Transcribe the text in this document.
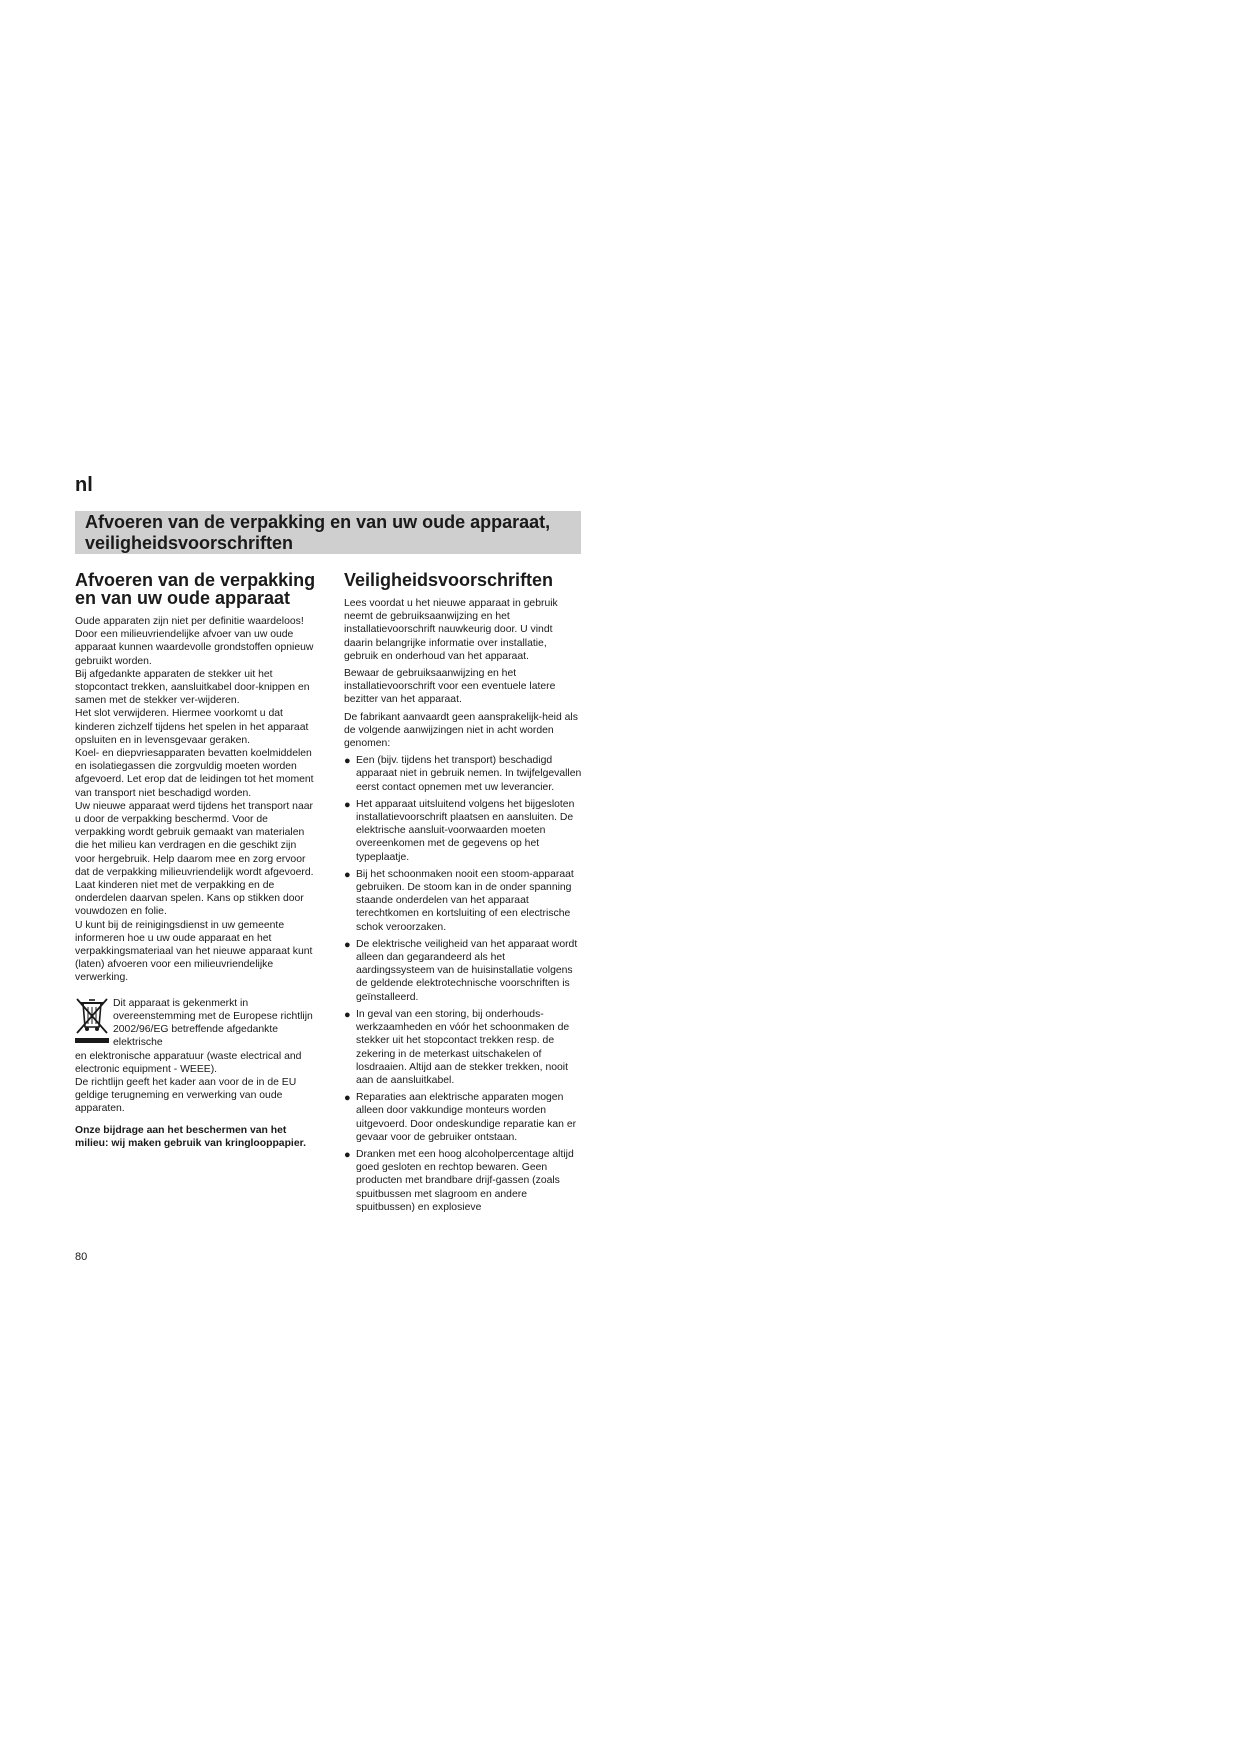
nl
Afvoeren van de verpakking en van uw oude apparaat,
veiligheidsvoorschriften
Afvoeren van de verpakking
en van uw oude apparaat

Oude apparaten zijn niet per definitie waardeloos! Door een milieuvriendelijke afvoer van uw oude apparaat kunnen waardevolle grondstoffen opnieuw gebruikt worden.

Bij afgedankte apparaten de stekker uit het stopcontact trekken, aansluitkabel door-knippen en samen met de stekker ver-wijderen.

Het slot verwijderen. Hiermee voorkomt u dat kinderen zichzelf tijdens het spelen in het apparaat opsluiten en in levensgevaar geraken.

Koel- en diepvriesapparaten bevatten koelmiddelen en isolatiegassen die zorgvuldig moeten worden afgevoerd. Let erop dat de leidingen tot het moment van transport niet beschadigd worden.

Uw nieuwe apparaat werd tijdens het transport naar u door de verpakking beschermd. Voor de verpakking wordt gebruik gemaakt van materialen die het milieu kan verdragen en die geschikt zijn voor hergebruik. Help daarom mee en zorg ervoor dat de verpakking milieuvriendelijk wordt afgevoerd.

Laat kinderen niet met de verpakking en de onderdelen daarvan spelen. Kans op stikken door vouwdozen en folie.

U kunt bij de reinigingsdienst in uw gemeente informeren hoe u uw oude apparaat en het verpakkingsmateriaal van het nieuwe apparaat kunt (laten) afvoeren voor een milieuvriendelijke verwerking.

Dit apparaat is gekenmerkt in overeenstemming met de Europese richtlijn 2002/96/EG betreffende afgedankte elektrische

en elektronische apparatuur (waste electrical and electronic equipment - WEEE).

De richtlijn geeft het kader aan voor de in de EU geldige terugneming en verwerking van oude apparaten.

Onze bijdrage aan het beschermen van het milieu: wij maken gebruik van kringlooppapier.

Veiligheidsvoorschriften

Lees voordat u het nieuwe apparaat in gebruik neemt de gebruiksaanwijzing en het installatievoorschrift nauwkeurig door. U vindt daarin belangrijke informatie over installatie, gebruik en onderhoud van het apparaat.

Bewaar de gebruiksaanwijzing en het installatievoorschrift voor een eventuele latere bezitter van het apparaat.

De fabrikant aanvaardt geen aansprakelijk-heid als de volgende aanwijzingen niet in acht worden genomen:

● Een (bijv. tijdens het transport) beschadigd apparaat niet in gebruik nemen. In twijfelgevallen eerst contact opnemen met uw leverancier.
● Het apparaat uitsluitend volgens het bijgesloten installatievoorschrift plaatsen en aansluiten. De elektrische aansluit-voorwaarden moeten overeenkomen met de gegevens op het typeplaatje.
● Bij het schoonmaken nooit een stoom-apparaat gebruiken. De stoom kan in de onder spanning staande onderdelen van het apparaat terechtkomen en kortsluiting of een electrische schok veroorzaken.
● De elektrische veiligheid van het apparaat wordt alleen dan gegarandeerd als het aardingssysteem van de huisinstallatie volgens de geldende elektrotechnische voorschriften is geïnstalleerd.
● In geval van een storing, bij onderhouds-werkzaamheden en vóór het schoonmaken de stekker uit het stopcontact trekken resp. de zekering in de meterkast uitschakelen of losdraaien. Altijd aan de stekker trekken, nooit aan de aansluitkabel.
● Reparaties aan elektrische apparaten mogen alleen door vakkundige monteurs worden uitgevoerd. Door ondeskundige reparatie kan er gevaar voor de gebruiker ontstaan.
● Dranken met een hoog alcoholpercentage altijd goed gesloten en rechtop bewaren. Geen producten met brandbare drijf-gassen (zoals spuitbussen met slagroom en andere spuitbussen) en explosieve
80
